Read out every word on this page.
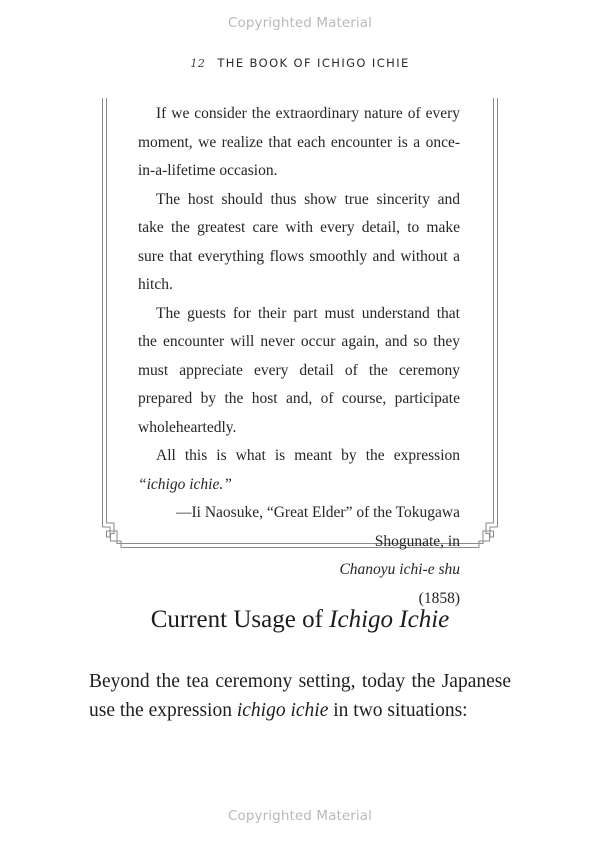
Copyrighted Material
12 THE BOOK OF ICHIGO ICHIE

If we consider the extraordinary nature of every moment, we realize that each encounter is a once-in-a-lifetime occasion.

The host should thus show true sincerity and take the greatest care with every detail, to make sure that everything flows smoothly and without a hitch.

The guests for their part must understand that the encounter will never occur again, and so they must appreciate every detail of the ceremony prepared by the host and, of course, participate wholeheartedly.

All this is what is meant by the expression “ichigo ichie.”

—Ii Naosuke, “Great Elder” of the Tokugawa
Shogunate, in
Chanoyu ichi-e shu
(1858)

Current Usage of Ichigo Ichie

Beyond the tea ceremony setting, today the Japanese use the expression ichigo ichie in two situations:

Copyrighted Material
